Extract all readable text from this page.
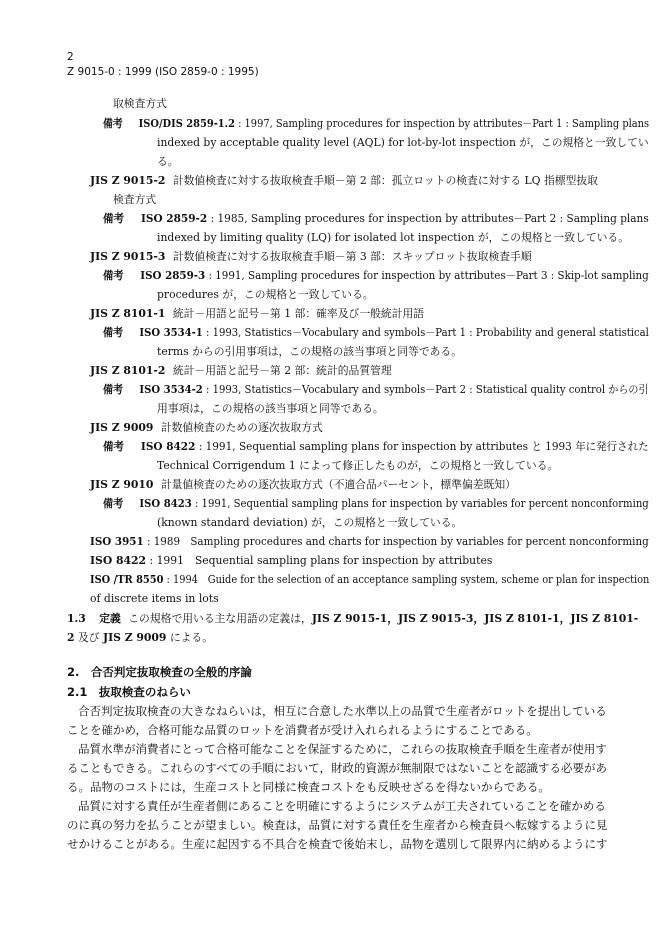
2
Z 9015-0 : 1999 (ISO 2859-0 : 1995)
取検査方式
備考 ISO/DIS 2859-1.2 : 1997, Sampling procedures for inspection by attributes－Part 1 : Sampling plans
indexed by acceptable quality level (AQL) for lot-by-lot inspection が，この規格と一致してい
る。
JIS Z 9015-2 計数値検査に対する抜取検査手順－第 2 部：孤立ロットの検査に対する LQ 指標型抜取
検査方式
備考 ISO 2859-2 : 1985, Sampling procedures for inspection by attributes－Part 2 : Sampling plans
indexed by limiting quality (LQ) for isolated lot inspection が，この規格と一致している。
JIS Z 9015-3 計数値検査に対する抜取検査手順－第 3 部：スキップロット抜取検査手順
備考 ISO 2859-3 : 1991, Sampling procedures for inspection by attributes－Part 3 : Skip-lot sampling
procedures が，この規格と一致している。
JIS Z 8101-1 統計－用語と記号－第 1 部：確率及び一般統計用語
備考 ISO 3534-1 : 1993, Statistics－Vocabulary and symbols－Part 1 : Probability and general statistical
terms からの引用事項は，この規格の該当事項と同等である。
JIS Z 8101-2 統計－用語と記号－第 2 部：統計的品質管理
備考 ISO 3534-2 : 1993, Statistics－Vocabulary and symbols－Part 2 : Statistical quality control からの引
用事項は，この規格の該当事項と同等である。
JIS Z 9009 計数値検査のための逐次抜取方式
備考 ISO 8422 : 1991, Sequential sampling plans for inspection by attributes と 1993 年に発行された
Technical Corrigendum 1 によって修正したものが，この規格と一致している。
JIS Z 9010 計量値検査のための逐次抜取方式（不適合品パーセント，標準偏差既知）
備考 ISO 8423 : 1991, Sequential sampling plans for inspection by variables for percent nonconforming
(known standard deviation) が，この規格と一致している。
ISO 3951 : 1989　Sampling procedures and charts for inspection by variables for percent nonconforming
ISO 8422 : 1991　Sequential sampling plans for inspection by attributes
ISO /TR 8550 : 1994　Guide for the selection of an acceptance sampling system, scheme or plan for inspection
of discrete items in lots
1.3 定義 この規格で用いる主な用語の定義は，JIS Z 9015-1，JIS Z 9015-3，JIS Z 8101-1，JIS Z 8101-
2 及び JIS Z 9009 による。
2.　合否判定抜取検査の全般的序論
2.1　抜取検査のねらい
合否判定抜取検査の大きなねらいは，相互に合意した水準以上の品質で生産者がロットを提出している
ことを確かめ，合格可能な品質のロットを消費者が受け入れられるようにすることである。
品質水準が消費者にとって合格可能なことを保証するために，これらの抜取検査手順を生産者が使用す
ることもできる。これらのすべての手順において，財政的資源が無制限ではないことを認識する必要があ
る。品物のコストには，生産コストと同様に検査コストをも反映せざるを得ないからである。
品質に対する責任が生産者側にあることを明確にするようにシステムが工夫されていることを確かめる
のに真の努力を払うことが望ましい。検査は，品質に対する責任を生産者から検査員へ転嫁するように見
せかけることがある。生産に起因する不具合を検査で後始末し，品物を選別して限界内に納めるようにす
